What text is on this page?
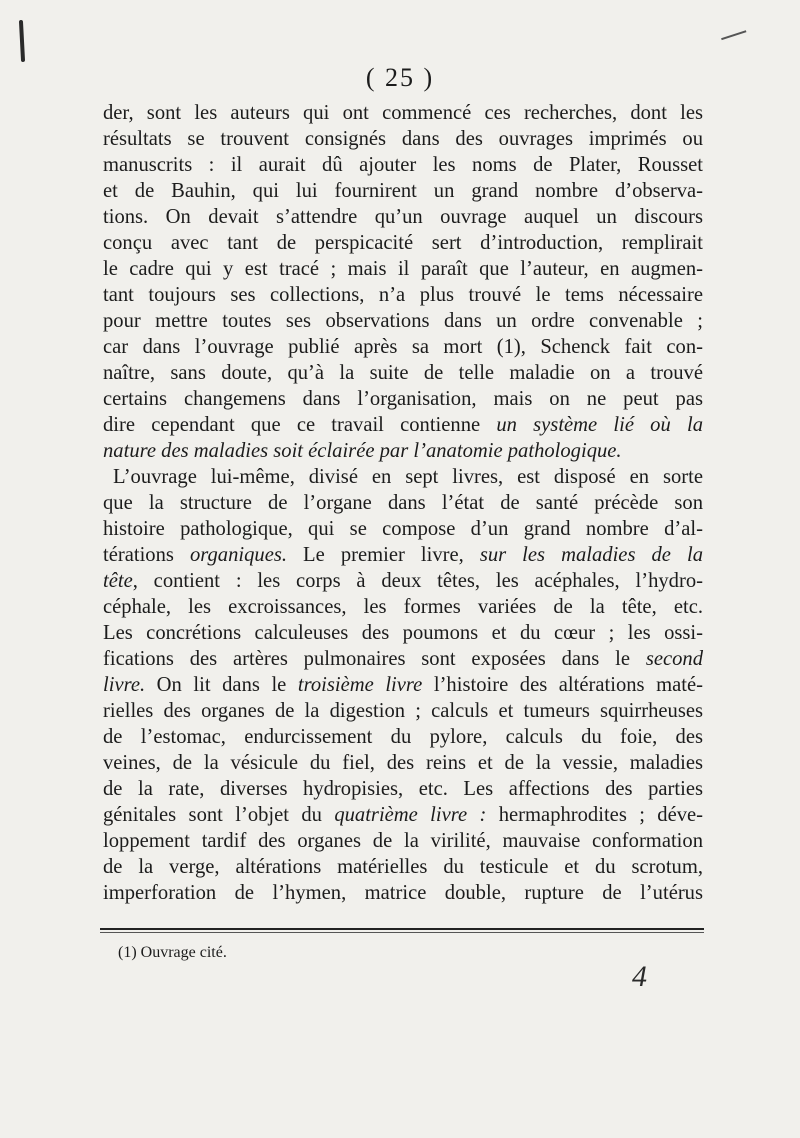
( 25 )
der, sont les auteurs qui ont commencé ces recherches, dont les
résultats se trouvent consignés dans des ouvrages imprimés ou
manuscrits : il aurait dû ajouter les noms de Plater, Rousset
et de Bauhin, qui lui fournirent un grand nombre d’observa-
tions. On devait s’attendre qu’un ouvrage auquel un discours
conçu avec tant de perspicacité sert d’introduction, remplirait
le cadre qui y est tracé ; mais il paraît que l’auteur, en augmen-
tant toujours ses collections, n’a plus trouvé le tems nécessaire
pour mettre toutes ses observations dans un ordre convenable ;
car dans l’ouvrage publié après sa mort (1), Schenck fait con-
naître, sans doute, qu’à la suite de telle maladie on a trouvé
certains changemens dans l’organisation, mais on ne peut pas
dire cependant que ce travail contienne un système lié où la
nature des maladies soit éclairée par l’anatomie pathologique.
L’ouvrage lui-même, divisé en sept livres, est disposé en sorte
que la structure de l’organe dans l’état de santé précède son
histoire pathologique, qui se compose d’un grand nombre d’al-
térations organiques. Le premier livre, sur les maladies de la
tête, contient : les corps à deux têtes, les acéphales, l’hydro-
céphale, les excroissances, les formes variées de la tête, etc.
Les concrétions calculeuses des poumons et du cœur ; les ossi-
fications des artères pulmonaires sont exposées dans le second
livre. On lit dans le troisième livre l’histoire des altérations maté-
rielles des organes de la digestion ; calculs et tumeurs squirrheuses
de l’estomac, endurcissement du pylore, calculs du foie, des
veines, de la vésicule du fiel, des reins et de la vessie, maladies
de la rate, diverses hydropisies, etc. Les affections des parties
génitales sont l’objet du quatrième livre : hermaphrodites ; déve-
loppement tardif des organes de la virilité, mauvaise conformation
de la verge, altérations matérielles du testicule et du scrotum,
imperforation de l’hymen, matrice double, rupture de l’utérus
(1) Ouvrage cité.
4
